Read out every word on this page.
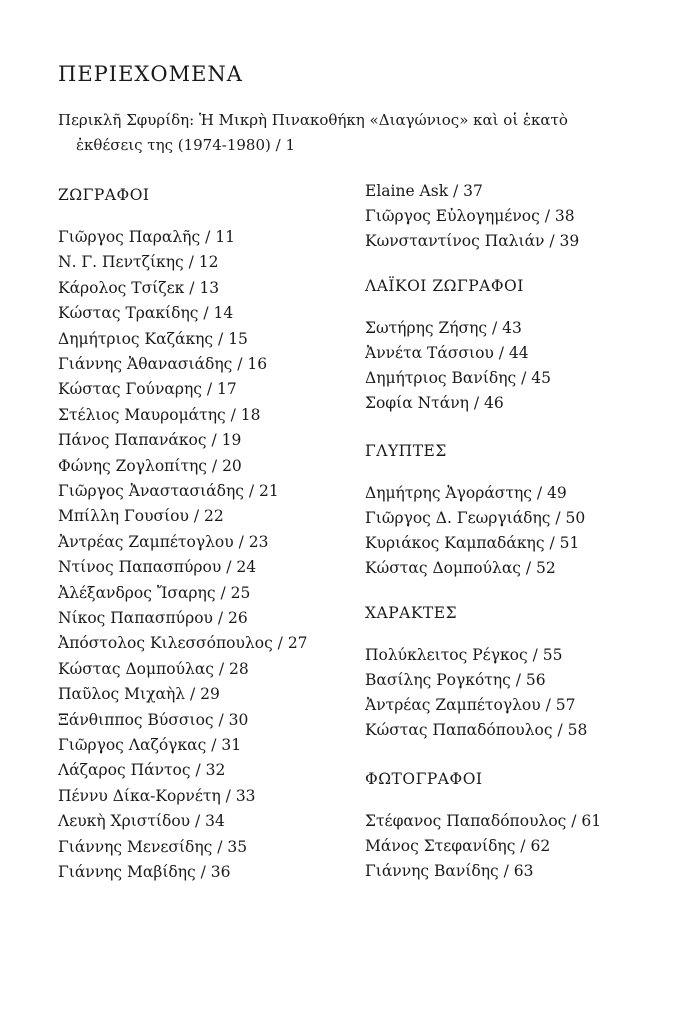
ΠΕΡΙΕΧΟΜΕΝΑ
Περικλῆ Σφυρίδη: Ἡ Μικρὴ Πινακοθήκη «Διαγώνιος» καὶ οἱ ἑκατὸ
ἐκθέσεις της (1974-1980) / 1
ΖΩΓΡΑΦΟΙ
Γιῶργος Παραλῆς / 11
Ν. Γ. Πεντζίκης / 12
Κάρολος Τσίζεκ / 13
Κώστας Τρακίδης / 14
Δημήτριος Καζάκης / 15
Γιάννης Ἀθανασιάδης / 16
Κώστας Γούναρης / 17
Στέλιος Μαυρομάτης / 18
Πάνος Παπανάκος / 19
Φώνης Ζογλοπίτης / 20
Γιῶργος Ἀναστασιάδης / 21
Μπίλλη Γουσίου / 22
Ἀντρέας Ζαμπέτογλου / 23
Ντίνος Παπασπύρου / 24
Ἀλέξανδρος Ἴσαρης / 25
Νίκος Παπασπύρου / 26
Ἀπόστολος Κιλεσσόπουλος / 27
Κώστας Δομπούλας / 28
Παῦλος Μιχαὴλ / 29
Ξάνθιππος Βύσσιος / 30
Γιῶργος Λαζόγκας / 31
Λάζαρος Πάντος / 32
Πέννυ Δίκα-Κορνέτη / 33
Λευκὴ Χριστίδου / 34
Γιάννης Μενεσίδης / 35
Γιάννης Μαβίδης / 36
Elaine Ask / 37
Γιῶργος Εὐλογημένος / 38
Κωνσταντίνος Παλιάν / 39
ΛΑΪΚΟΙ ΖΩΓΡΑΦΟΙ
Σωτήρης Ζήσης / 43
Ἀννέτα Τάσσιου / 44
Δημήτριος Βανίδης / 45
Σοφία Ντάνη / 46
ΓΛΥΠΤΕΣ
Δημήτρης Ἀγοράστης / 49
Γιῶργος Δ. Γεωργιάδης / 50
Κυριάκος Καμπαδάκης / 51
Κώστας Δομπούλας / 52
ΧΑΡΑΚΤΕΣ
Πολύκλειτος Ρέγκος / 55
Βασίλης Ρογκότης / 56
Ἀντρέας Ζαμπέτογλου / 57
Κώστας Παπαδόπουλος / 58
ΦΩΤΟΓΡΑΦΟΙ
Στέφανος Παπαδόπουλος / 61
Μάνος Στεφανίδης / 62
Γιάννης Βανίδης / 63
